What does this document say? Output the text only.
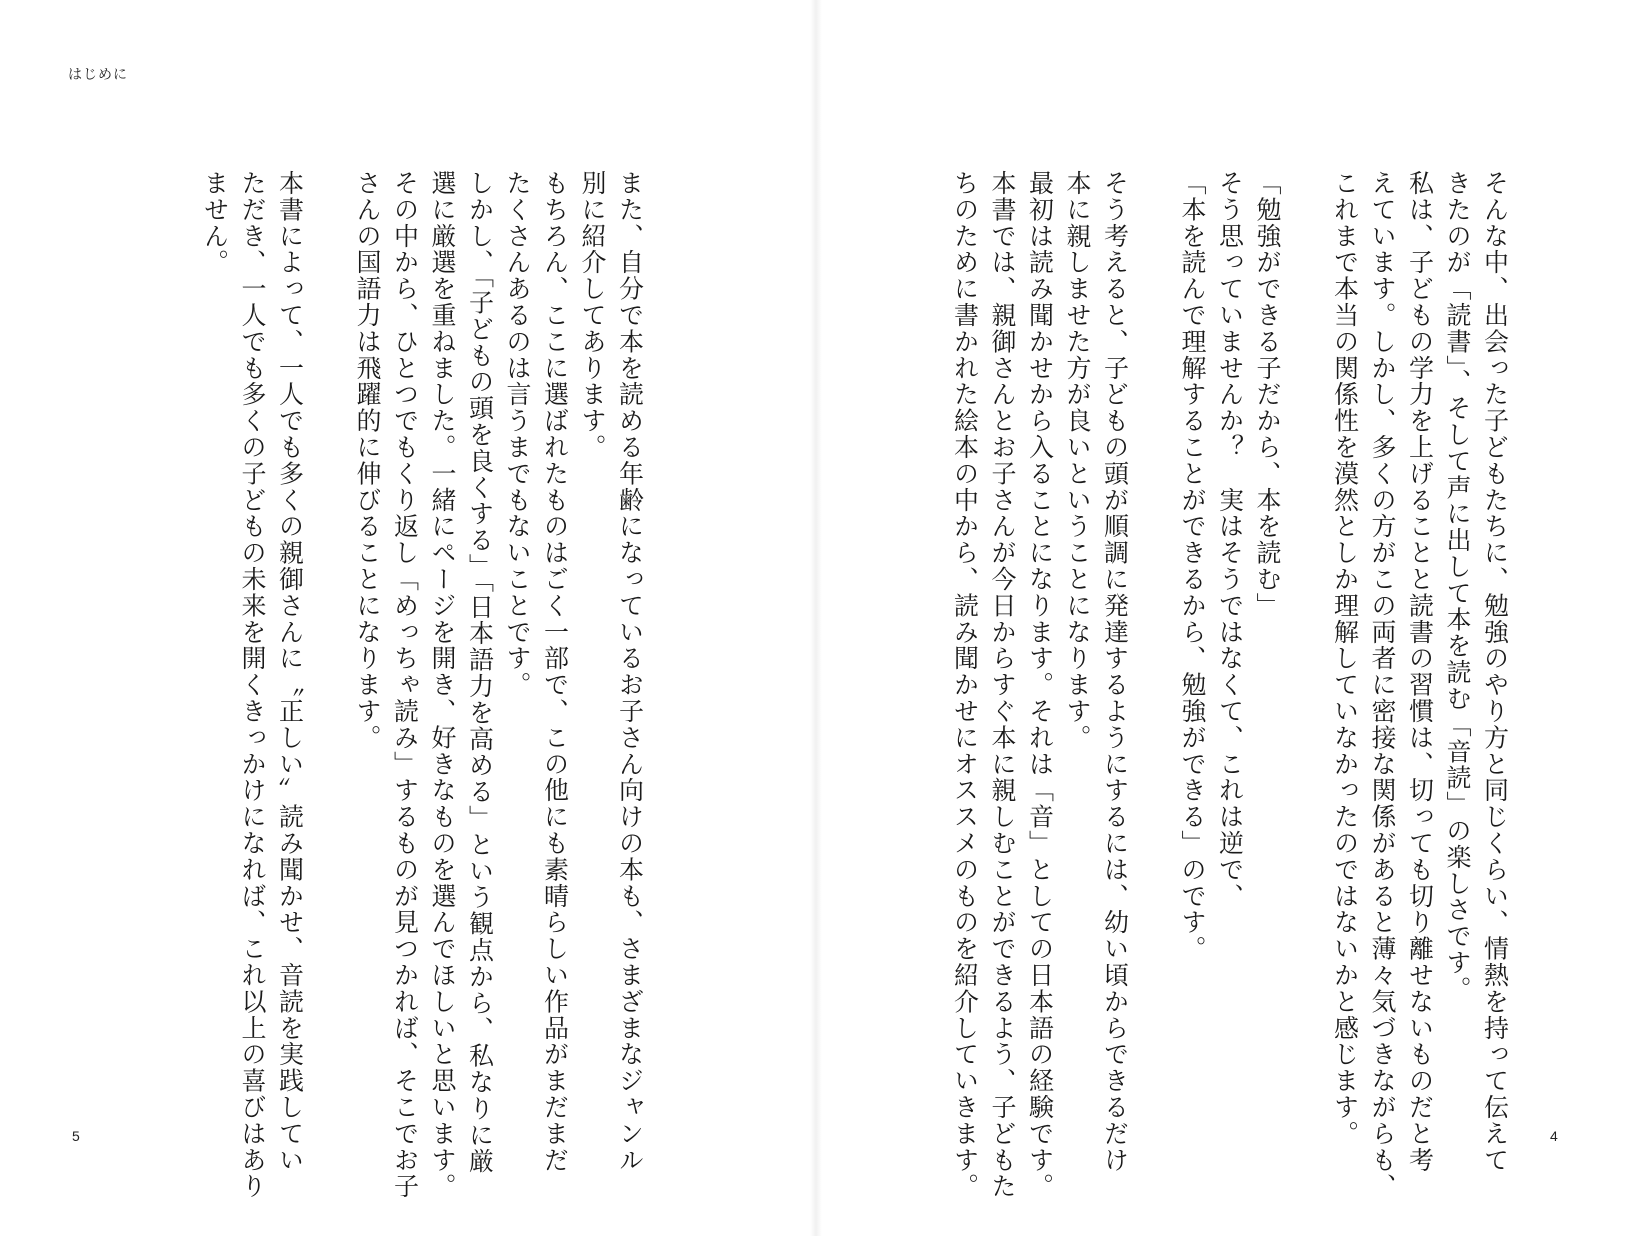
はじめに
また、自分で本を読める年齢になっているお子さん向けの本も、さまざまなジャンル
別に紹介してあります。
もちろん、ここに選ばれたものはごく一部で、この他にも素晴らしい作品がまだまだ
たくさんあるのは言うまでもないことです。
しかし、「子どもの頭を良くする」「日本語力を高める」という観点から、私なりに厳
選に厳選を重ねました。一緒にページを開き、好きなものを選んでほしいと思います。
その中から、ひとつでもくり返し「めっちゃ読み」するものが見つかれば、そこでお子
さんの国語力は飛躍的に伸びることになります。
本書によって、一人でも多くの親御さんに〝正しい〟読み聞かせ、音読を実践してい
ただき、一人でも多くの子どもの未来を開くきっかけになれば、これ以上の喜びはあり
ません。
5	そんな中、出会った子どもたちに、勉強のやり方と同じくらい、情熱を持って伝えて
きたのが「読書」、そして声に出して本を読む「音読」の楽しさです。
私は、子どもの学力を上げることと読書の習慣は、切っても切り離せないものだと考
えています。しかし、多くの方がこの両者に密接な関係があると薄々気づきながらも、
これまで本当の関係性を漠然としか理解していなかったのではないかと感じます。
「勉強ができる子だから、本を読む」
そう思っていませんか？　実はそうではなくて、これは逆で、
「本を読んで理解することができるから、勉強ができる」のです。
そう考えると、子どもの頭が順調に発達するようにするには、幼い頃からできるだけ
本に親しませた方が良いということになります。
最初は読み聞かせから入ることになります。それは「音」としての日本語の経験です。
本書では、親御さんとお子さんが今日からすぐ本に親しむことができるよう、子どもた
ちのために書かれた絵本の中から、読み聞かせにオススメのものを紹介していきます。	4
